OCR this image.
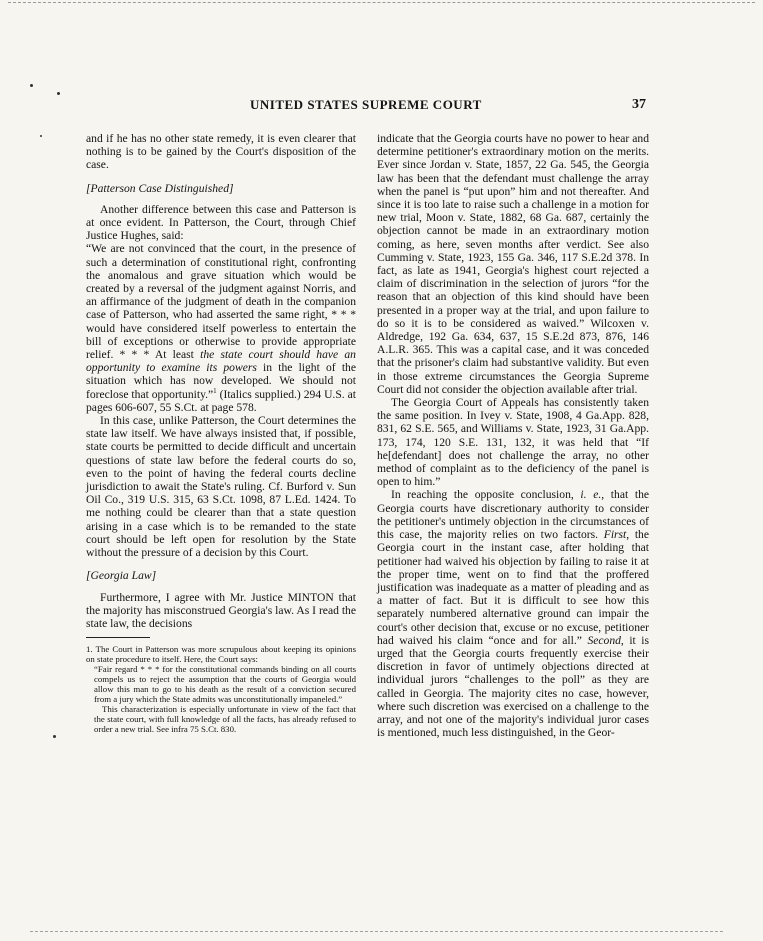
UNITED STATES SUPREME COURT	37

and if he has no other state remedy, it is even clearer that nothing is to be gained by the Court's disposition of the case.

[Patterson Case Distinguished]

Another difference between this case and Patterson is at once evident. In Patterson, the Court, through Chief Justice Hughes, said:

“We are not convinced that the court, in the presence of such a determination of constitutional right, confronting the anomalous and grave situation which would be created by a reversal of the judgment against Norris, and an affirmance of the judgment of death in the companion case of Patterson, who had asserted the same right, * * * would have considered itself powerless to entertain the bill of exceptions or otherwise to provide appropriate relief. * * * At least the state court should have an opportunity to examine its powers in the light of the situation which has now developed. We should not foreclose that opportunity.”$^1$ (Italics supplied.) 294 U.S. at pages 606-607, 55 S.Ct. at page 578.

In this case, unlike Patterson, the Court determines the state law itself. We have always insisted that, if possible, state courts be permitted to decide difficult and uncertain questions of state law before the federal courts do so, even to the point of having the federal courts decline jurisdiction to await the State's ruling. Cf. Burford v. Sun Oil Co., 319 U.S. 315, 63 S.Ct. 1098, 87 L.Ed. 1424. To me nothing could be clearer than that a state question arising in a case which is to be remanded to the state court should be left open for resolution by the State without the pressure of a decision by this Court.

[Georgia Law]

Furthermore, I agree with Mr. Justice MINTON that the majority has misconstrued Georgia's law. As I read the state law, the decisions

1. The Court in Patterson was more scrupulous about keeping its opinions on state procedure to itself. Here, the Court says:

“Fair regard * * * for the constitutional commands binding on all courts compels us to reject the assumption that the courts of Georgia would allow this man to go to his death as the result of a conviction secured from a jury which the State admits was unconstitutionally impaneled.”

This characterization is especially unfortunate in view of the fact that the state court, with full knowledge of all the facts, has already refused to order a new trial. See infra 75 S.Ct. 830.

indicate that the Georgia courts have no power to hear and determine petitioner's extraordinary motion on the merits. Ever since Jordan v. State, 1857, 22 Ga. 545, the Georgia law has been that the defendant must challenge the array when the panel is “put upon” him and not thereafter. And since it is too late to raise such a challenge in a motion for new trial, Moon v. State, 1882, 68 Ga. 687, certainly the objection cannot be made in an extraordinary motion coming, as here, seven months after verdict. See also Cumming v. State, 1923, 155 Ga. 346, 117 S.E.2d 378. In fact, as late as 1941, Georgia's highest court rejected a claim of discrimination in the selection of jurors “for the reason that an objection of this kind should have been presented in a proper way at the trial, and upon failure to do so it is to be considered as waived.” Wilcoxen v. Aldredge, 192 Ga. 634, 637, 15 S.E.2d 873, 876, 146 A.L.R. 365. This was a capital case, and it was conceded that the prisoner's claim had substantive validity. But even in those extreme circumstances the Georgia Supreme Court did not consider the objection available after trial.

The Georgia Court of Appeals has consistently taken the same position. In Ivey v. State, 1908, 4 Ga.App. 828, 831, 62 S.E. 565, and Williams v. State, 1923, 31 Ga.App. 173, 174, 120 S.E. 131, 132, it was held that “If he[defendant] does not challenge the array, no other method of complaint as to the deficiency of the panel is open to him.”

In reaching the opposite conclusion, i. e., that the Georgia courts have discretionary authority to consider the petitioner's untimely objection in the circumstances of this case, the majority relies on two factors. First, the Georgia court in the instant case, after holding that petitioner had waived his objection by failing to raise it at the proper time, went on to find that the proffered justification was inadequate as a matter of pleading and as a matter of fact. But it is difficult to see how this separately numbered alternative ground can impair the court's other decision that, excuse or no excuse, petitioner had waived his claim “once and for all.” Second, it is urged that the Georgia courts frequently exercise their discretion in favor of untimely objections directed at individual jurors “challenges to the poll” as they are called in Georgia. The majority cites no case, however, where such discretion was exercised on a challenge to the array, and not one of the majority's individual juror cases is mentioned, much less distinguished, in the Geor-
